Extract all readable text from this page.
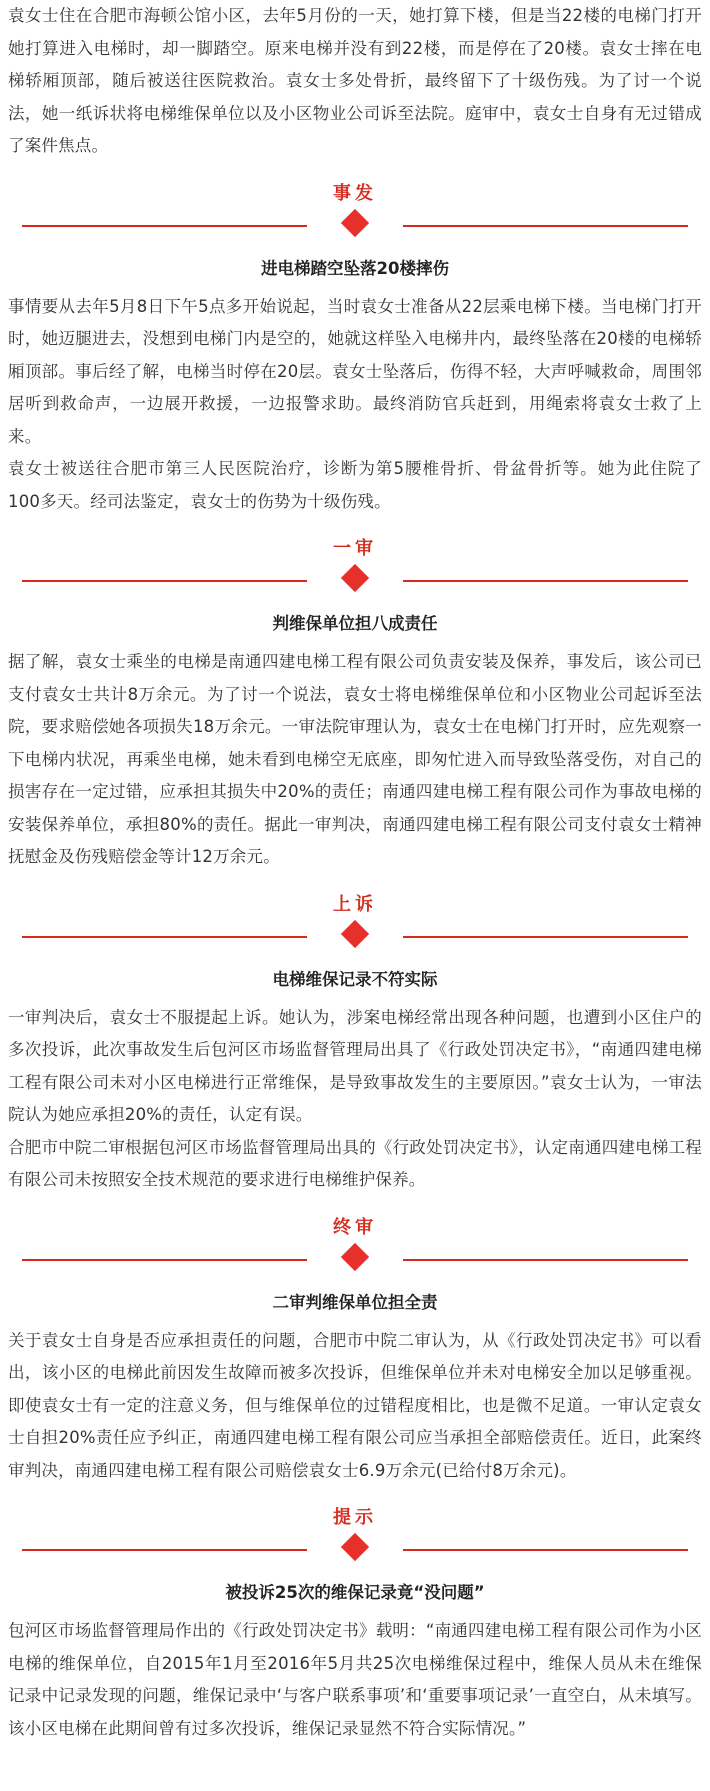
袁女士住在合肥市海顿公馆小区，去年5月份的一天，她打算下楼，但是当22楼的电梯门打开她打算进入电梯时，却一脚踏空。原来电梯并没有到22楼，而是停在了20楼。袁女士摔在电梯轿厢顶部，随后被送往医院救治。袁女士多处骨折，最终留下了十级伤残。为了讨一个说法，她一纸诉状将电梯维保单位以及小区物业公司诉至法院。庭审中，袁女士自身有无过错成了案件焦点。

事发

进电梯踏空坠落20楼摔伤

事情要从去年5月8日下午5点多开始说起，当时袁女士准备从22层乘电梯下楼。当电梯门打开时，她迈腿进去，没想到电梯门内是空的，她就这样坠入电梯井内，最终坠落在20楼的电梯轿厢顶部。事后经了解，电梯当时停在20层。袁女士坠落后，伤得不轻，大声呼喊救命，周围邻居听到救命声，一边展开救援，一边报警求助。最终消防官兵赶到，用绳索将袁女士救了上来。

袁女士被送往合肥市第三人民医院治疗，诊断为第5腰椎骨折、骨盆骨折等。她为此住院了100多天。经司法鉴定，袁女士的伤势为十级伤残。

一审

判维保单位担八成责任

据了解，袁女士乘坐的电梯是南通四建电梯工程有限公司负责安装及保养，事发后，该公司已支付袁女士共计8万余元。为了讨一个说法，袁女士将电梯维保单位和小区物业公司起诉至法院，要求赔偿她各项损失18万余元。一审法院审理认为，袁女士在电梯门打开时，应先观察一下电梯内状况，再乘坐电梯，她未看到电梯空无底座，即匆忙进入而导致坠落受伤，对自己的损害存在一定过错，应承担其损失中20%的责任；南通四建电梯工程有限公司作为事故电梯的安装保养单位，承担80%的责任。据此一审判决，南通四建电梯工程有限公司支付袁女士精神抚慰金及伤残赔偿金等计12万余元。

上诉

电梯维保记录不符实际

一审判决后，袁女士不服提起上诉。她认为，涉案电梯经常出现各种问题，也遭到小区住户的多次投诉，此次事故发生后包河区市场监督管理局出具了《行政处罚决定书》，“南通四建电梯工程有限公司未对小区电梯进行正常维保，是导致事故发生的主要原因。”袁女士认为，一审法院认为她应承担20%的责任，认定有误。

合肥市中院二审根据包河区市场监督管理局出具的《行政处罚决定书》，认定南通四建电梯工程有限公司未按照安全技术规范的要求进行电梯维护保养。

终审

二审判维保单位担全责

关于袁女士自身是否应承担责任的问题，合肥市中院二审认为，从《行政处罚决定书》可以看出，该小区的电梯此前因发生故障而被多次投诉，但维保单位并未对电梯安全加以足够重视。即使袁女士有一定的注意义务，但与维保单位的过错程度相比，也是微不足道。一审认定袁女士自担20%责任应予纠正，南通四建电梯工程有限公司应当承担全部赔偿责任。近日，此案终审判决，南通四建电梯工程有限公司赔偿袁女士6.9万余元(已给付8万余元)。

提示

被投诉25次的维保记录竟“没问题”

包河区市场监督管理局作出的《行政处罚决定书》载明：“南通四建电梯工程有限公司作为小区电梯的维保单位，自2015年1月至2016年5月共25次电梯维保过程中，维保人员从未在维保记录中记录发现的问题，维保记录中‘与客户联系事项’和‘重要事项记录’一直空白，从未填写。该小区电梯在此期间曾有过多次投诉，维保记录显然不符合实际情况。”
